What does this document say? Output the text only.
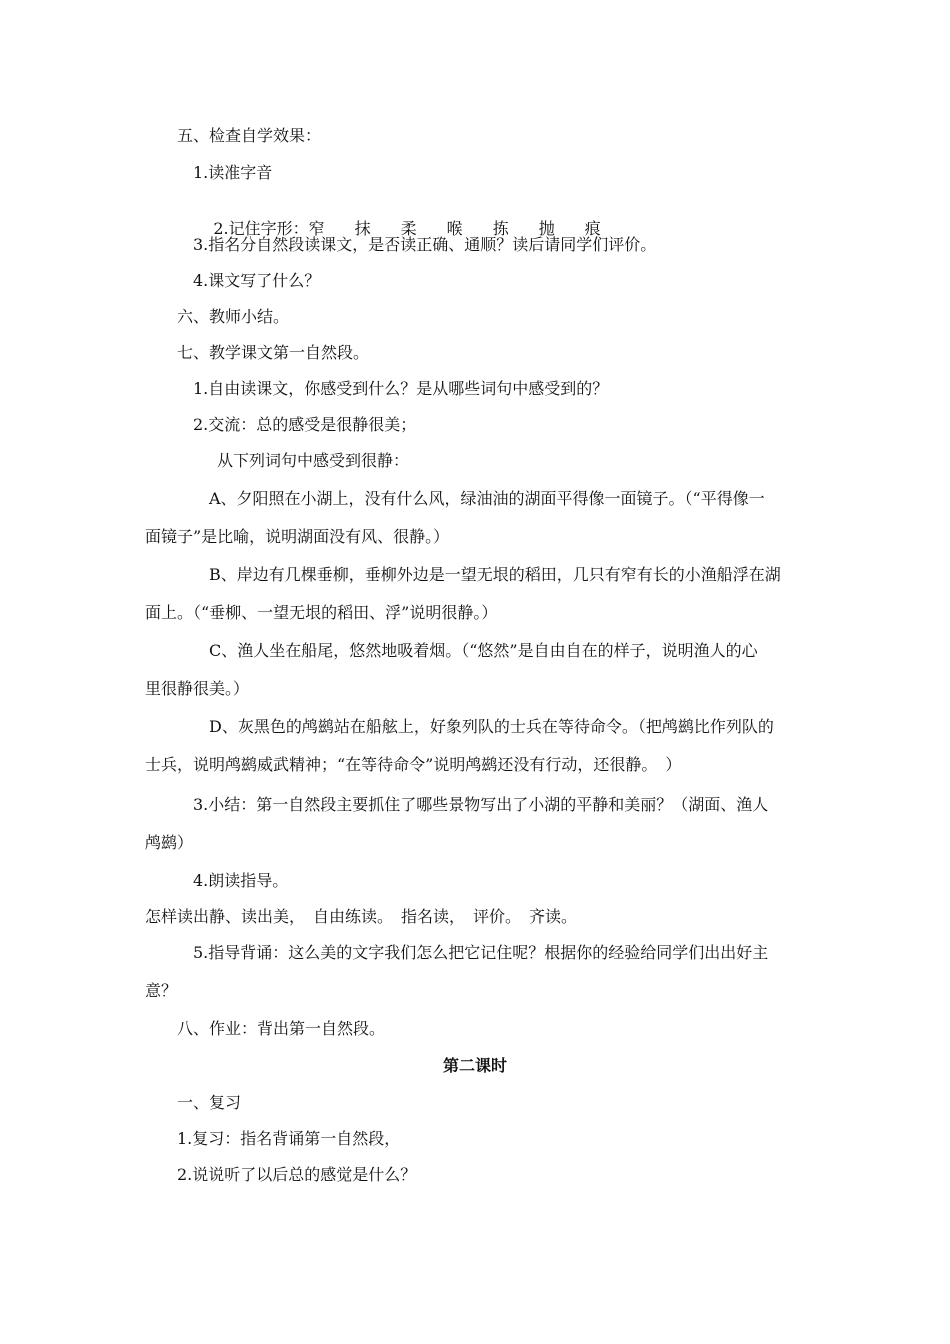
五、检查自学效果：
1.读准字音

2.记住字形：窄 抹 柔 喉 拣 抛 痕

3.指名分自然段读课文，是否读正确、通顺？读后请同学们评价。
4.课文写了什么？
六、教师小结。
七、教学课文第一自然段。
1.自由读课文，你感受到什么？是从哪些词句中感受到的？
2.交流：总的感受是很静很美；
从下列词句中感受到很静：
A、夕阳照在小湖上，没有什么风，绿油油的湖面平得像一面镜子。（“平得像一
面镜子”是比喻，说明湖面没有风、很静。）
B、岸边有几棵垂柳，垂柳外边是一望无垠的稻田，几只有窄有长的小渔船浮在湖
面上。（“垂柳、一望无垠的稻田、浮”说明很静。）
C、渔人坐在船尾，悠然地吸着烟。（“悠然”是自由自在的样子，说明渔人的心
里很静很美。）
D、灰黑色的鸬鹚站在船舷上，好象列队的士兵在等待命令。（把鸬鹚比作列队的
士兵，说明鸬鹚威武精神；“在等待命令”说明鸬鹚还没有行动，还很静。　）
3.小结：第一自然段主要抓住了哪些景物写出了小湖的平静和美丽？（湖面、渔人
鸬鹚）
4.朗读指导。
怎样读出静、读出美，　自由练读。　指名读，　评价。　齐读。
5.指导背诵：这么美的文字我们怎么把它记住呢？根据你的经验给同学们出出好主
意？
八、作业：背出第一自然段。
第二课时
一、复习
1.复习：指名背诵第一自然段，
2.说说听了以后总的感觉是什么？
